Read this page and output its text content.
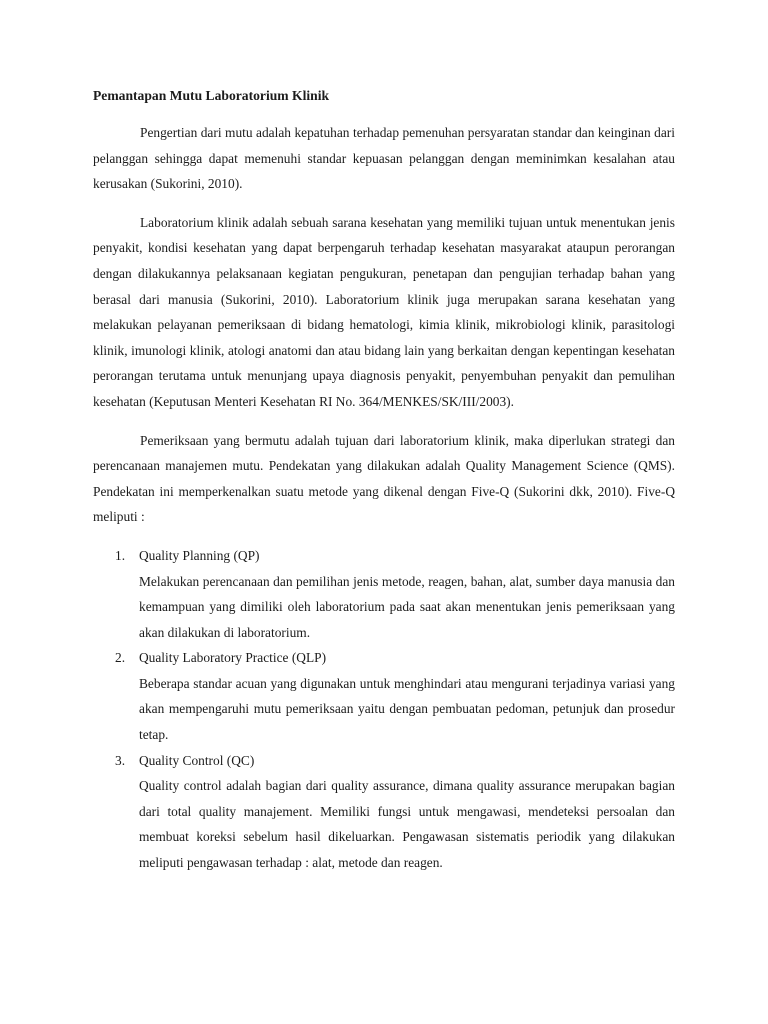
Pemantapan Mutu Laboratorium Klinik

Pengertian dari mutu adalah kepatuhan terhadap pemenuhan persyaratan standar dan keinginan dari pelanggan sehingga dapat memenuhi standar kepuasan pelanggan dengan meminimkan kesalahan atau kerusakan (Sukorini, 2010).

Laboratorium klinik adalah sebuah sarana kesehatan yang memiliki tujuan untuk menentukan jenis penyakit, kondisi kesehatan yang dapat berpengaruh terhadap kesehatan masyarakat ataupun perorangan dengan dilakukannya pelaksanaan kegiatan pengukuran, penetapan dan pengujian terhadap bahan yang berasal dari manusia (Sukorini, 2010). Laboratorium klinik juga merupakan sarana kesehatan yang melakukan pelayanan pemeriksaan di bidang hematologi, kimia klinik, mikrobiologi klinik, parasitologi klinik, imunologi klinik, atologi anatomi dan atau bidang lain yang berkaitan dengan kepentingan kesehatan perorangan terutama untuk menunjang upaya diagnosis penyakit, penyembuhan penyakit dan pemulihan kesehatan (Keputusan Menteri Kesehatan RI No. 364/MENKES/SK/III/2003).

Pemeriksaan yang bermutu adalah tujuan dari laboratorium klinik, maka diperlukan strategi dan perencanaan manajemen mutu. Pendekatan yang dilakukan adalah Quality Management Science (QMS). Pendekatan ini memperkenalkan suatu metode yang dikenal dengan Five-Q (Sukorini dkk, 2010). Five-Q meliputi :

1. Quality Planning (QP)
Melakukan perencanaan dan pemilihan jenis metode, reagen, bahan, alat, sumber daya manusia dan kemampuan yang dimiliki oleh laboratorium pada saat akan menentukan jenis pemeriksaan yang akan dilakukan di laboratorium.
2. Quality Laboratory Practice (QLP)
Beberapa standar acuan yang digunakan untuk menghindari atau mengurani terjadinya variasi yang akan mempengaruhi mutu pemeriksaan yaitu dengan pembuatan pedoman, petunjuk dan prosedur tetap.
3. Quality Control (QC)
Quality control adalah bagian dari quality assurance, dimana quality assurance merupakan bagian dari total quality manajement. Memiliki fungsi untuk mengawasi, mendeteksi persoalan dan membuat koreksi sebelum hasil dikeluarkan. Pengawasan sistematis periodik yang dilakukan meliputi pengawasan terhadap : alat, metode dan reagen.
